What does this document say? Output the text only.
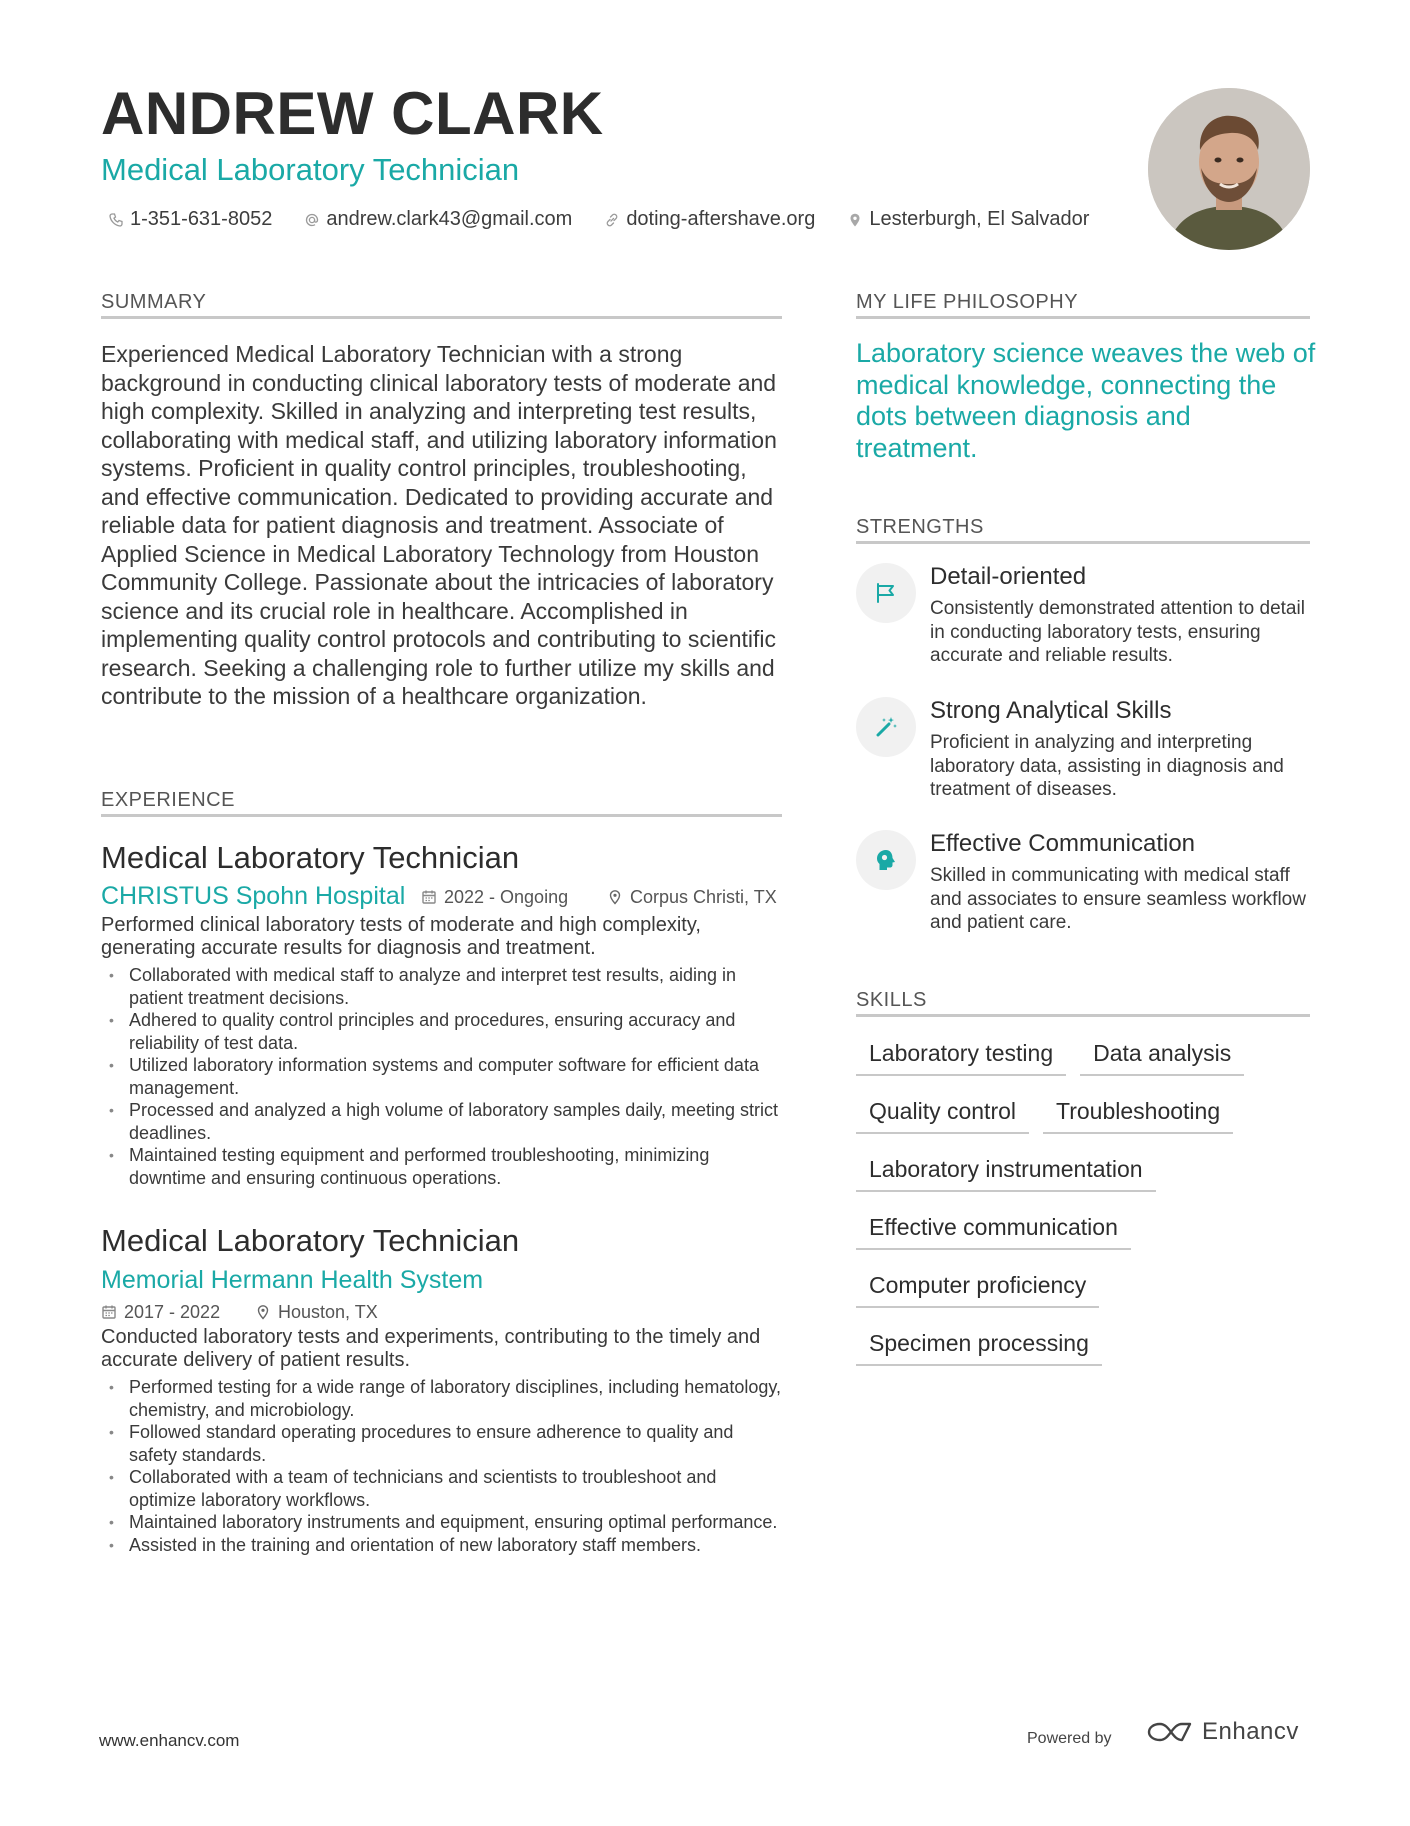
ANDREW CLARK
Medical Laboratory Technician
1-351-631-8052	andrew.clark43@gmail.com	doting-aftershave.org	Lesterburgh, El Salvador
SUMMARY

Experienced Medical Laboratory Technician with a strong background in conducting clinical laboratory tests of moderate and high complexity. Skilled in analyzing and interpreting test results, collaborating with medical staff, and utilizing laboratory information systems. Proficient in quality control principles, troubleshooting, and effective communication. Dedicated to providing accurate and reliable data for patient diagnosis and treatment. Associate of Applied Science in Medical Laboratory Technology from Houston Community College. Passionate about the intricacies of laboratory science and its crucial role in healthcare. Accomplished in implementing quality control protocols and contributing to scientific research. Seeking a challenging role to further utilize my skills and contribute to the mission of a healthcare organization.

EXPERIENCE
Medical Laboratory Technician
CHRISTUS Spohn Hospital 2022 - Ongoing	Corpus Christi, TX

Performed clinical laboratory tests of moderate and high complexity, generating accurate results for diagnosis and treatment.

• Collaborated with medical staff to analyze and interpret test results, aiding in patient treatment decisions.
• Adhered to quality control principles and procedures, ensuring accuracy and reliability of test data.
• Utilized laboratory information systems and computer software for efficient data management.
• Processed and analyzed a high volume of laboratory samples daily, meeting strict deadlines.
• Maintained testing equipment and performed troubleshooting, minimizing downtime and ensuring continuous operations.
Medical Laboratory Technician
Memorial Hermann Health System
2017 - 2022	Houston, TX

Conducted laboratory tests and experiments, contributing to the timely and accurate delivery of patient results.

• Performed testing for a wide range of laboratory disciplines, including hematology, chemistry, and microbiology.
• Followed standard operating procedures to ensure adherence to quality and safety standards.
• Collaborated with a team of technicians and scientists to troubleshoot and optimize laboratory workflows.
• Maintained laboratory instruments and equipment, ensuring optimal performance.
• Assisted in the training and orientation of new laboratory staff members.
MY LIFE PHILOSOPHY

Laboratory science weaves the web of medical knowledge, connecting the dots between diagnosis and treatment.

STRENGTHS
Detail-oriented

Consistently demonstrated attention to detail in conducting laboratory tests, ensuring accurate and reliable results.

Strong Analytical Skills

Proficient in analyzing and interpreting laboratory data, assisting in diagnosis and treatment of diseases.

Effective Communication

Skilled in communicating with medical staff and associates to ensure seamless workflow and patient care.

SKILLS
Laboratory testing	Data analysis
Quality control	Troubleshooting
Laboratory instrumentation
Effective communication
Computer proficiency
Specimen processing
www.enhancv.com	Powered by	Enhancv
